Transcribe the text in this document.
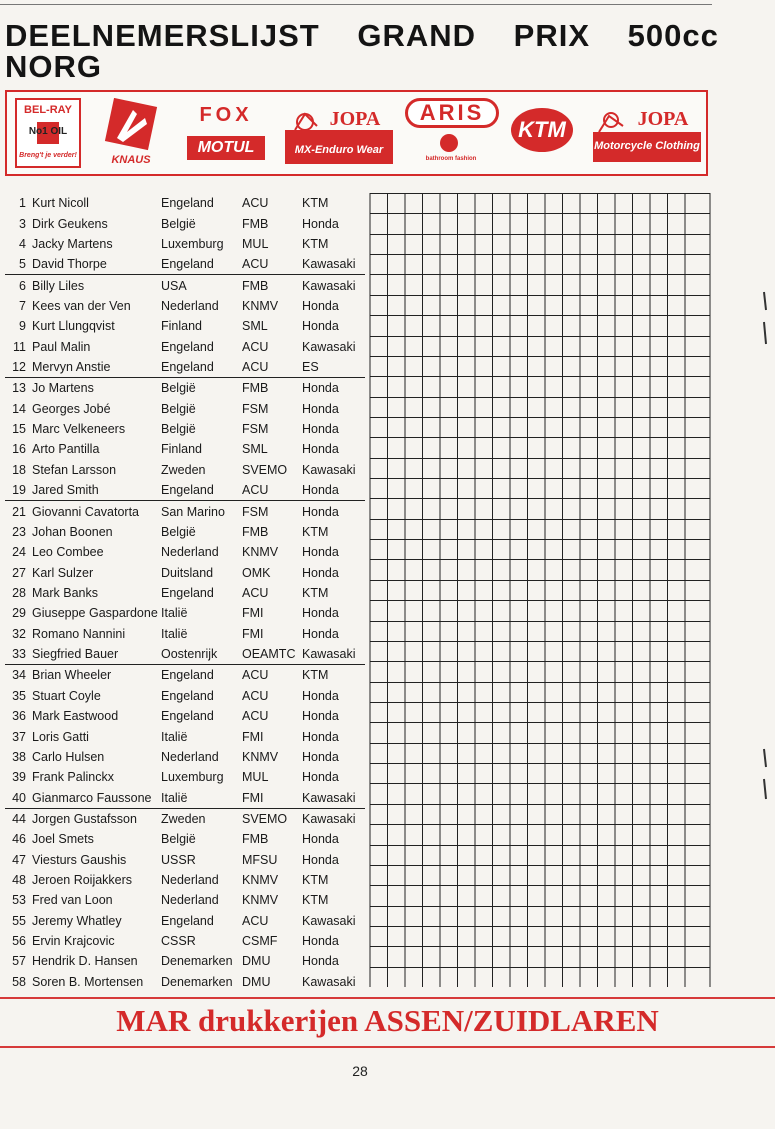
DEELNEMERSLIJST GRAND PRIX 500cc
NORG
BEL-RAY
No1 OIL
Breng't je verder!	KNAUS
FOX
MOTUL
JOPA
MX-Enduro Wear
ARIS
bathroom fashion
KTM	JOPA
Motorcycle Clothing
1	Kurt Nicoll	Engeland	ACU	KTM
3	Dirk Geukens	België	FMB	Honda
4	Jacky Martens	Luxemburg	MUL	KTM
5	David Thorpe	Engeland	ACU	Kawasaki
6	Billy Liles	USA	FMB	Kawasaki
7	Kees van der Ven	Nederland	KNMV	Honda
9	Kurt Llungqvist	Finland	SML	Honda
11	Paul Malin	Engeland	ACU	Kawasaki
12	Mervyn Anstie	Engeland	ACU	ES
13	Jo Martens	België	FMB	Honda
14	Georges Jobé	België	FSM	Honda
15	Marc Velkeneers	België	FSM	Honda
16	Arto Pantilla	Finland	SML	Honda
18	Stefan Larsson	Zweden	SVEMO	Kawasaki
19	Jared Smith	Engeland	ACU	Honda
21	Giovanni Cavatorta	San Marino	FSM	Honda
23	Johan Boonen	België	FMB	KTM
24	Leo Combee	Nederland	KNMV	Honda
27	Karl Sulzer	Duitsland	OMK	Honda
28	Mark Banks	Engeland	ACU	KTM
29	Giuseppe Gaspardone	Italië	FMI	Honda
32	Romano Nannini	Italië	FMI	Honda
33	Siegfried Bauer	Oostenrijk	OEAMTC	Kawasaki
34	Brian Wheeler	Engeland	ACU	KTM
35	Stuart Coyle	Engeland	ACU	Honda
36	Mark Eastwood	Engeland	ACU	Honda
37	Loris Gatti	Italië	FMI	Honda
38	Carlo Hulsen	Nederland	KNMV	Honda
39	Frank Palinckx	Luxemburg	MUL	Honda
40	Gianmarco Faussone	Italië	FMI	Kawasaki
44	Jorgen Gustafsson	Zweden	SVEMO	Kawasaki
46	Joel Smets	België	FMB	Honda
47	Viesturs Gaushis	USSR	MFSU	Honda
48	Jeroen Roijakkers	Nederland	KNMV	KTM
53	Fred van Loon	Nederland	KNMV	KTM
55	Jeremy Whatley	Engeland	ACU	Kawasaki
56	Ervin Krajcovic	CSSR	CSMF	Honda
57	Hendrik D. Hansen	Denemarken	DMU	Honda
58	Soren B. Mortensen	Denemarken	DMU	Kawasaki
MAR drukkerijen ASSEN/ZUIDLAREN
28
